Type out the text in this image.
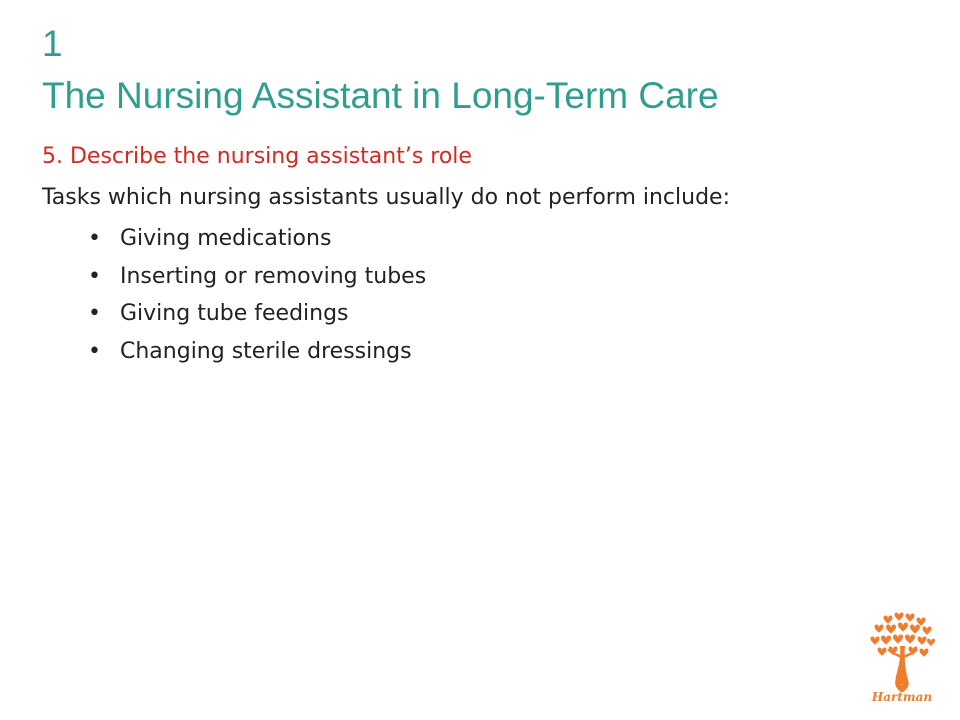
1
The Nursing Assistant in Long-Term Care
5. Describe the nursing assistant’s role
Tasks which nursing assistants usually do not perform include:
• Giving medications
• Inserting or removing tubes
• Giving tube feedings
• Changing sterile dressings
Hartman
